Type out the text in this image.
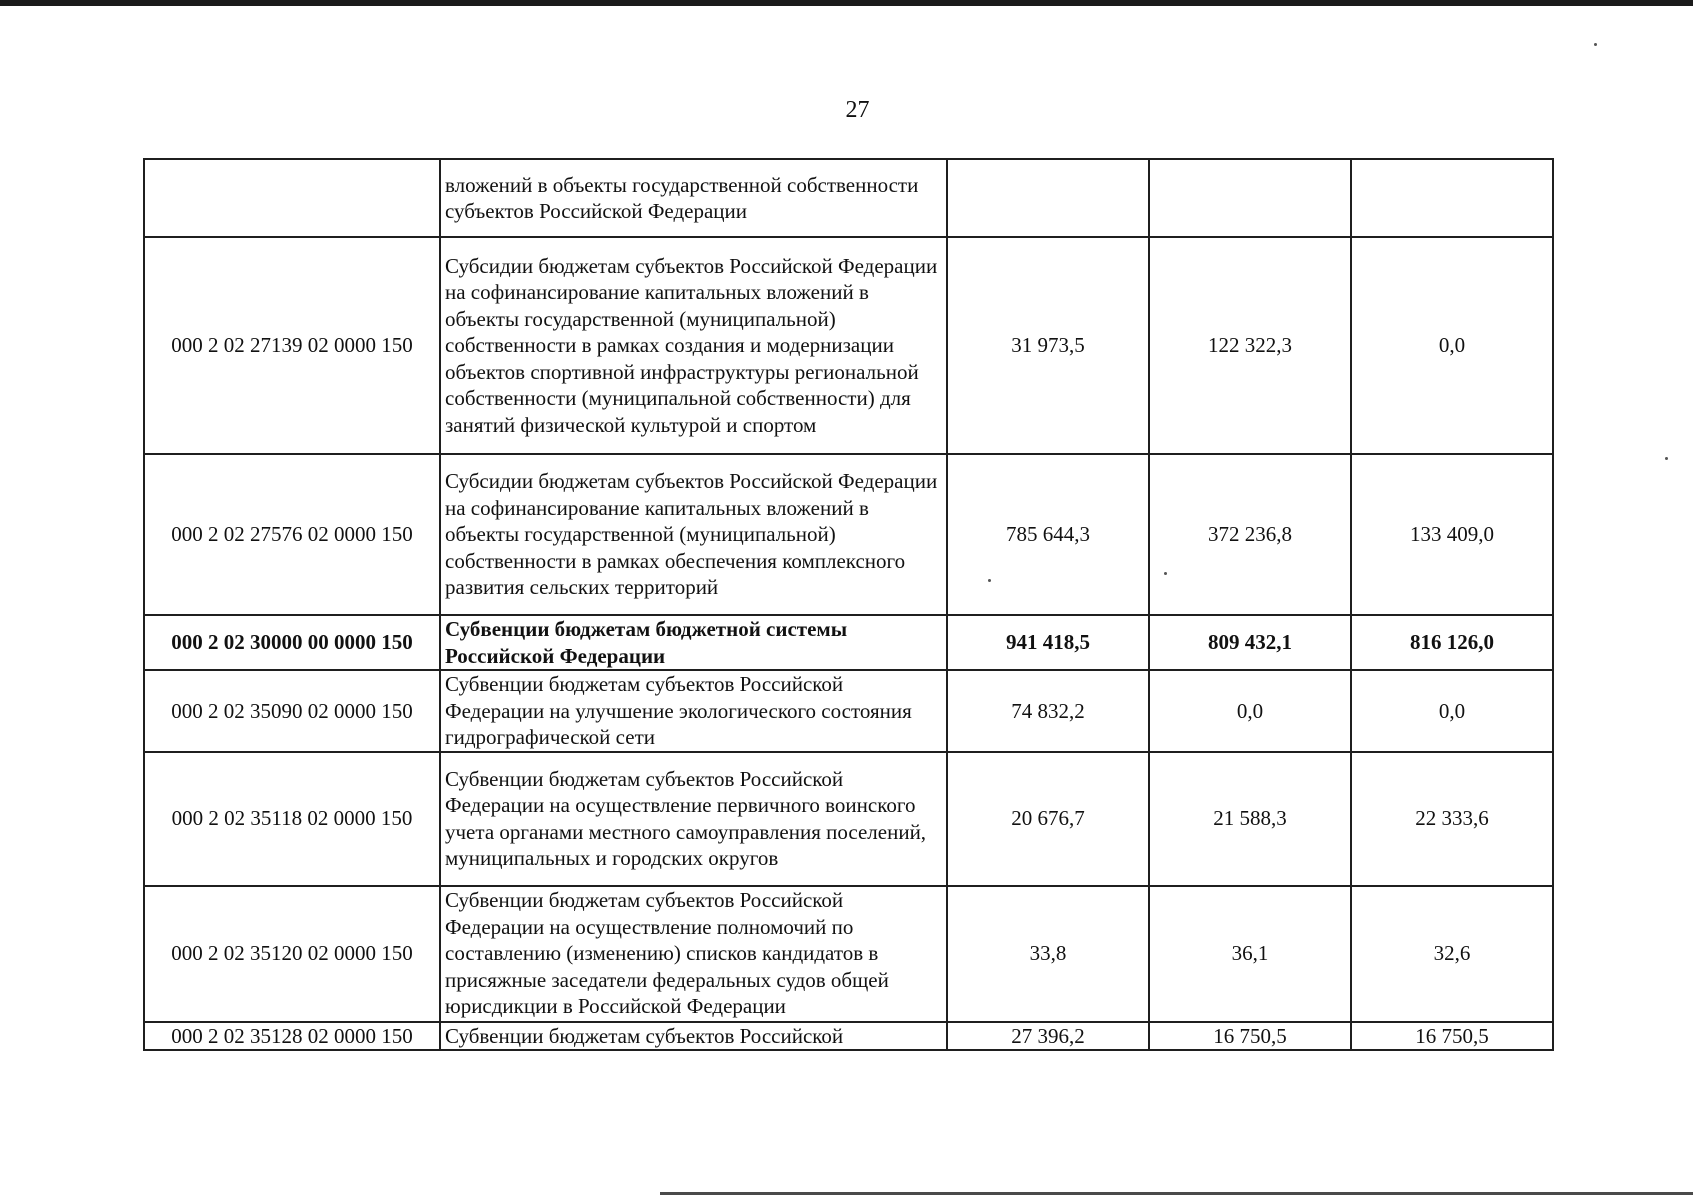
27
	вложений в объекты государственной собственности субъектов Российской Федерации			
000 2 02 27139 02 0000 150	Субсидии бюджетам субъектов Российской Федерации на софинансирование капитальных вложений в объекты государственной (муниципальной) собственности в рамках создания и модернизации объектов спортивной инфраструктуры региональной собственности (муниципальной собственности) для занятий физической культурой и спортом	31 973,5	122 322,3	0,0
000 2 02 27576 02 0000 150	Субсидии бюджетам субъектов Российской Федерации на софинансирование капитальных вложений в объекты государственной (муниципальной) собственности в рамках обеспечения комплексного развития сельских территорий	785 644,3	372 236,8	133 409,0
000 2 02 30000 00 0000 150	Субвенции бюджетам бюджетной системы Российской Федерации	941 418,5	809 432,1	816 126,0
000 2 02 35090 02 0000 150	Субвенции бюджетам субъектов Российской Федерации на улучшение экологического состояния гидрографической сети	74 832,2	0,0	0,0
000 2 02 35118 02 0000 150	Субвенции бюджетам субъектов Российской Федерации на осуществление первичного воинского учета органами местного самоуправления поселений, муниципальных и городских округов	20 676,7	21 588,3	22 333,6
000 2 02 35120 02 0000 150	Субвенции бюджетам субъектов Российской Федерации на осуществление полномочий по составлению (изменению) списков кандидатов в присяжные заседатели федеральных судов общей юрисдикции в Российской Федерации	33,8	36,1	32,6
000 2 02 35128 02 0000 150	Субвенции бюджетам субъектов Российской	27 396,2	16 750,5	16 750,5
